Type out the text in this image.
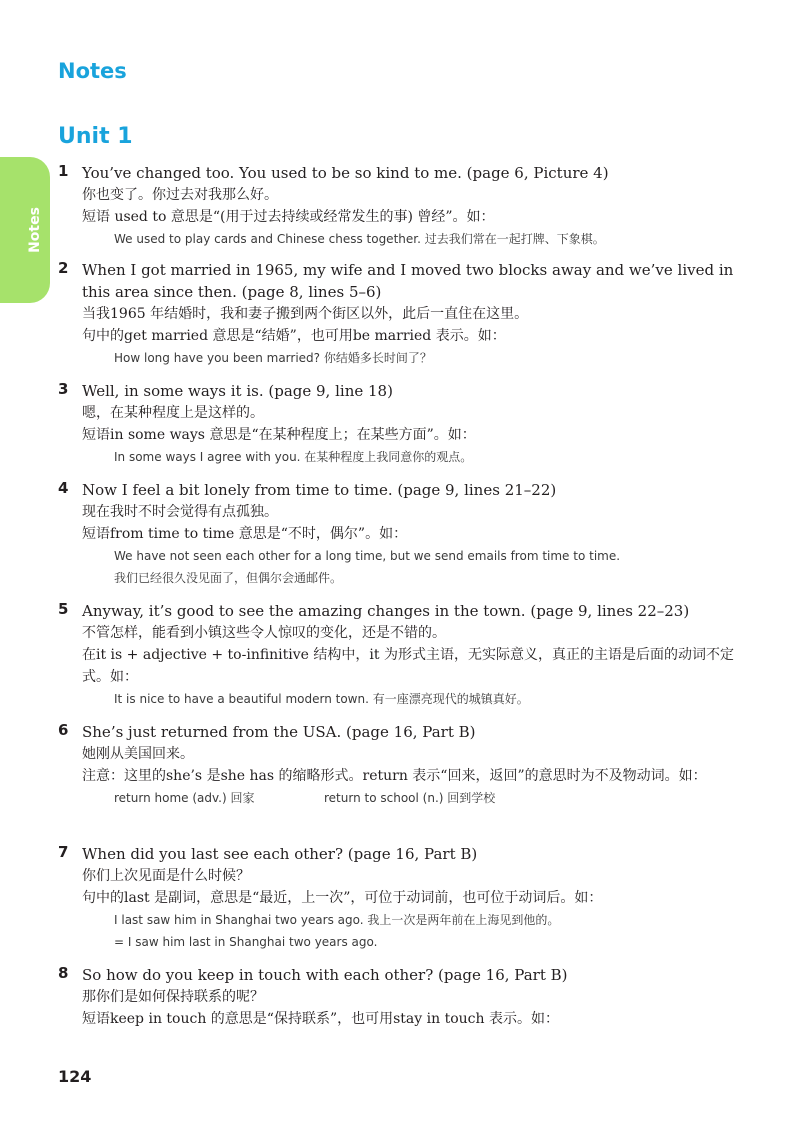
Notes
Notes
Unit 1
1 You’ve changed too. You used to be so kind to me. (page 6, Picture 4)
你也变了。你过去对我那么好。
短语 used to 意思是“(用于过去持续或经常发生的事) 曾经”。如：
We used to play cards and Chinese chess together. 过去我们常在一起打牌、下象棋。
2 When I got married in 1965, my wife and I moved two blocks away and we’ve lived in this area since then. (page 8, lines 5–6)
当我1965 年结婚时，我和妻子搬到两个街区以外，此后一直住在这里。
句中的get married 意思是“结婚”，也可用be married 表示。如：
How long have you been married? 你结婚多长时间了？
3 Well, in some ways it is. (page 9, line 18)
嗯，在某种程度上是这样的。
短语in some ways 意思是“在某种程度上；在某些方面”。如：
In some ways I agree with you. 在某种程度上我同意你的观点。
4 Now I feel a bit lonely from time to time. (page 9, lines 21–22)
现在我时不时会觉得有点孤独。
短语from time to time 意思是“不时，偶尔”。如：
We have not seen each other for a long time, but we send emails from time to time.
我们已经很久没见面了，但偶尔会通邮件。
5 Anyway, it’s good to see the amazing changes in the town. (page 9, lines 22–23)
不管怎样，能看到小镇这些令人惊叹的变化，还是不错的。
在it is + adjective + to-infinitive 结构中，it 为形式主语，无实际意义，真正的主语是后面的动词不定式。如：
It is nice to have a beautiful modern town. 有一座漂亮现代的城镇真好。
6 She’s just returned from the USA. (page 16, Part B)
她刚从美国回来。
注意：这里的she’s 是she has 的缩略形式。return 表示“回来，返回”的意思时为不及物动词。如：
return home (adv.) 回家	return to school (n.) 回到学校
7 When did you last see each other? (page 16, Part B)
你们上次见面是什么时候？
句中的last 是副词，意思是“最近，上一次”，可位于动词前，也可位于动词后。如：
I last saw him in Shanghai two years ago. 我上一次是两年前在上海见到他的。
= I saw him last in Shanghai two years ago.
8 So how do you keep in touch with each other? (page 16, Part B)
那你们是如何保持联系的呢？
短语keep in touch 的意思是“保持联系”，也可用stay in touch 表示。如：
124
